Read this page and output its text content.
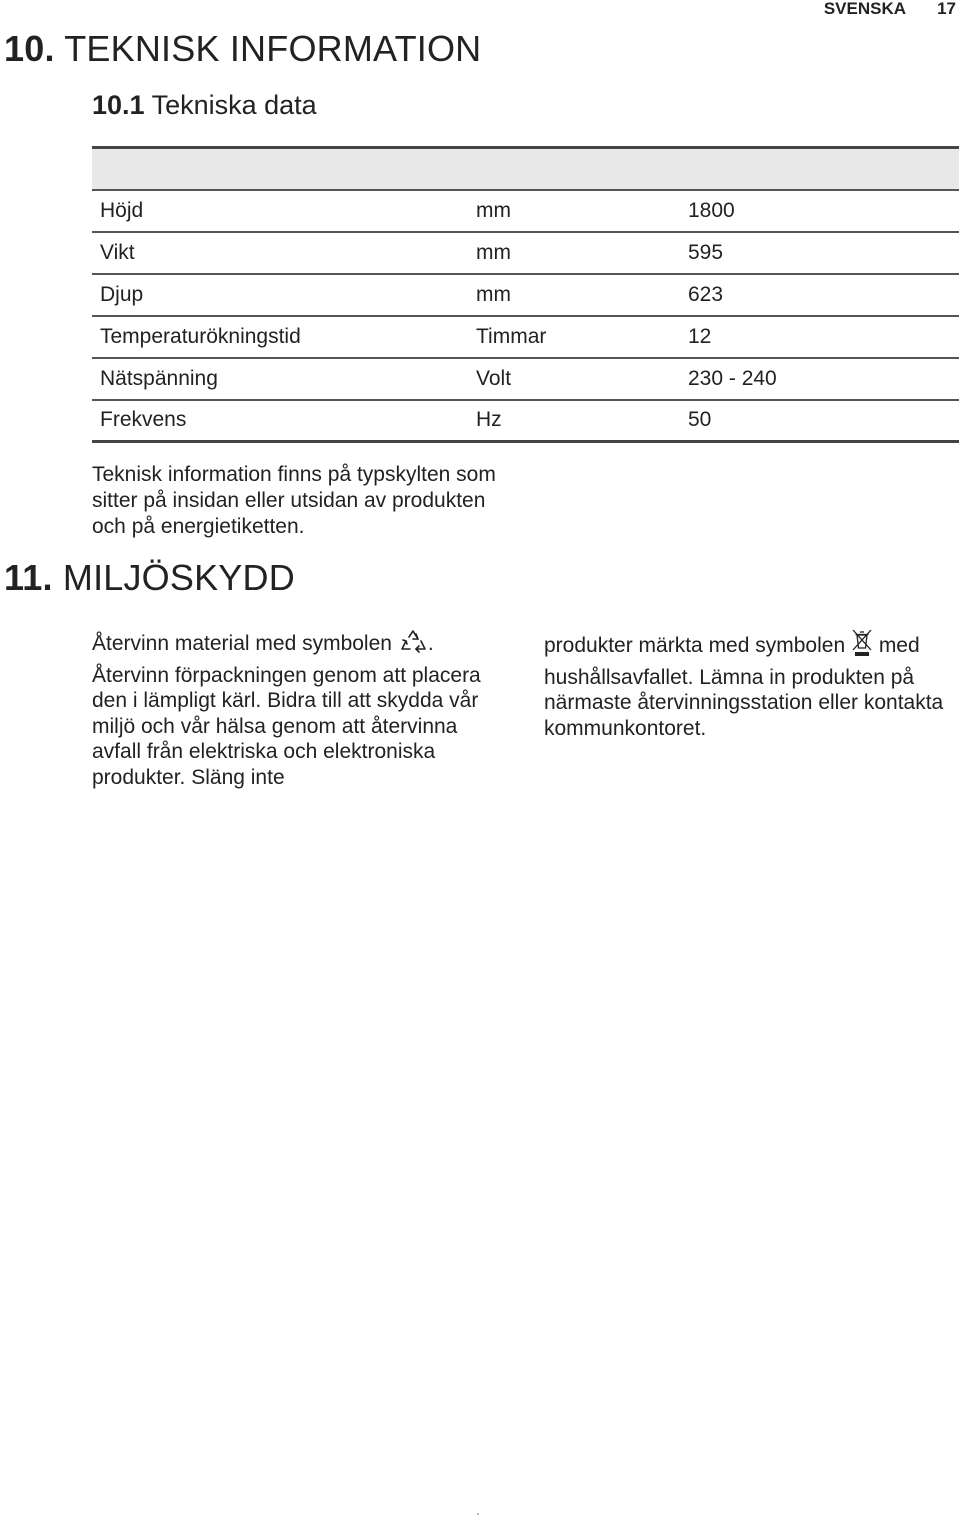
SVENSKA 17
10. TEKNISK INFORMATION
10.1 Tekniska data

Höjd	mm	1800
Vikt	mm	595
Djup	mm	623
Temperaturökningstid	Timmar	12
Nätspänning	Volt	230 - 240
Frekvens	Hz	50

Teknisk information finns på typskylten som sitter på insidan eller utsidan av produkten och på energietiketten.

11. MILJÖSKYDD

Återvinn material med symbolen . Återvinn förpackningen genom att placera den i lämpligt kärl. Bidra till att skydda vår miljö och vår hälsa genom att återvinna avfall från elektriska och elektroniska produkter. Släng inte

produkter märkta med symbolen  med hushållsavfallet. Lämna in produkten på närmaste återvinningsstation eller kontakta kommunkontoret.
